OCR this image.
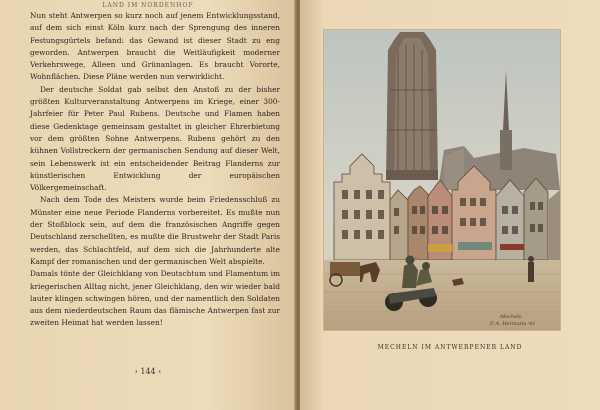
LAND IM NORDENHOF

Nun steht Antwerpen so kurz noch auf jenem Entwicklungsstand, auf dem sich einst Köln kurz nach der Sprengung des inneren Festungsgürtels befand: das Gewand ist dieser Stadt zu eng geworden. Antwerpen braucht die Weitläufigkeit moderner Verkehrswege, Alleen und Grünanlagen. Es braucht Vororte, Wohnflächen. Diese Pläne werden nun verwirklicht.

Der deutsche Soldat gab selbst den Anstoß zu der bisher größten Kulturveranstaltung Antwerpens im Kriege, einer 300-Jahrfeier für Peter Paul Rubens. Deutsche und Flamen haben diese Gedenktage gemeinsam gestaltet in gleicher Ehrerbietung vor dem größten Sohne Antwerpens. Rubens gehört zu den kühnen Vollstreckern der germanischen Sendung auf dieser Welt, sein Lebenswerk ist ein entscheidender Beitrag Flanderns zur künstlerischen Entwicklung der europäischen Völkergemeinschaft.

Nach dem Tode des Meisters wurde beim Friedensschluß zu Münster eine neue Periode Flanderns vorbereitet. Es mußte nun der Stoßblock sein, auf dem die französischen Angriffe gegen Deutschland zerschellten, es mußte die Brustwehr der Stadt Paris werden, das Schlachtfeld, auf dem sich die Jahrhunderte alte Kampf der romanischen und der germanischen Welt abspielte.

Damals tönte der Gleichklang von Deutschtum und Flamentum im kriegerischen Alltag nicht, jener Gleichklang, den wir wieder bald lauter klingen schwingen hören, und der namentlich den Soldaten aus dem niederdeutschen Raum das flämische Antwerpen fast zur zweiten Heimat hat werden lassen!

› 144 ‹
Mecheln
P. A. Hermann '41
MECHELN IM ANTWERPENER LAND
